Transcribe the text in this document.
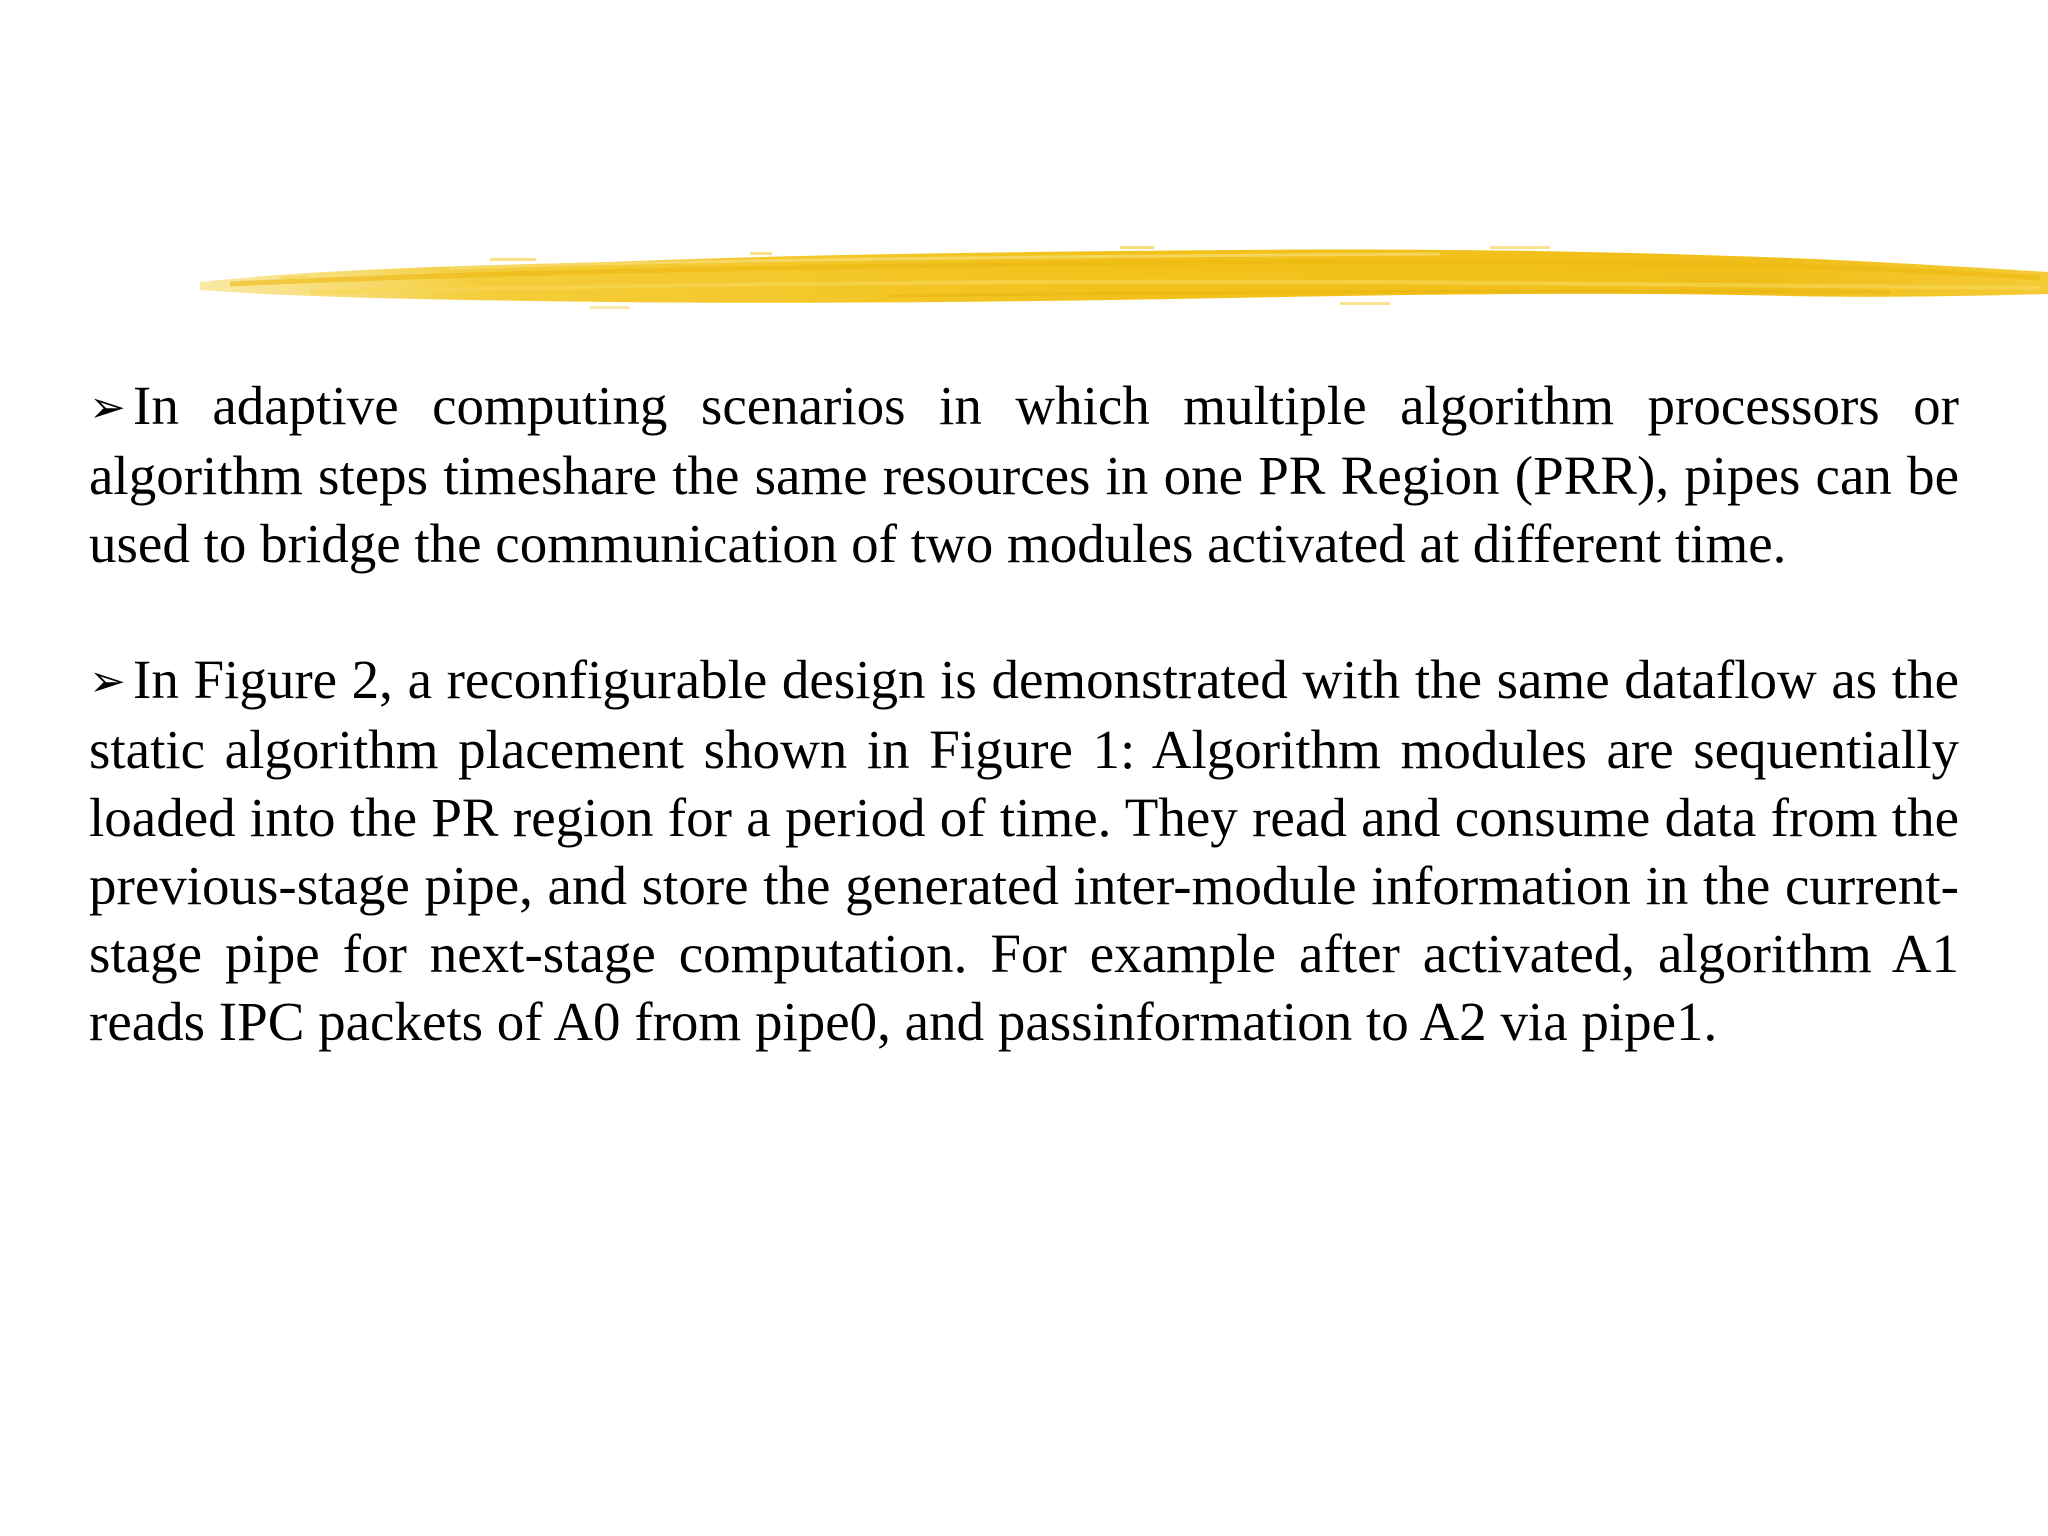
➢ In adaptive computing scenarios in which multiple algorithm processors or algorithm steps timeshare the same resources in one PR Region (PRR), pipes can be used to bridge the communication of two modules activated at different time.

➢ In Figure 2, a reconfigurable design is demonstrated with the same dataflow as the static algorithm placement shown in Figure 1: Algorithm modules are sequentially loaded into the PR region for a period of time. They read and consume data from the previous-stage pipe, and store the generated inter-module information in the current-stage pipe for next-stage computation. For example after activated, algorithm A1 reads IPC packets of A0 from pipe0, and passinformation to A2 via pipe1.
